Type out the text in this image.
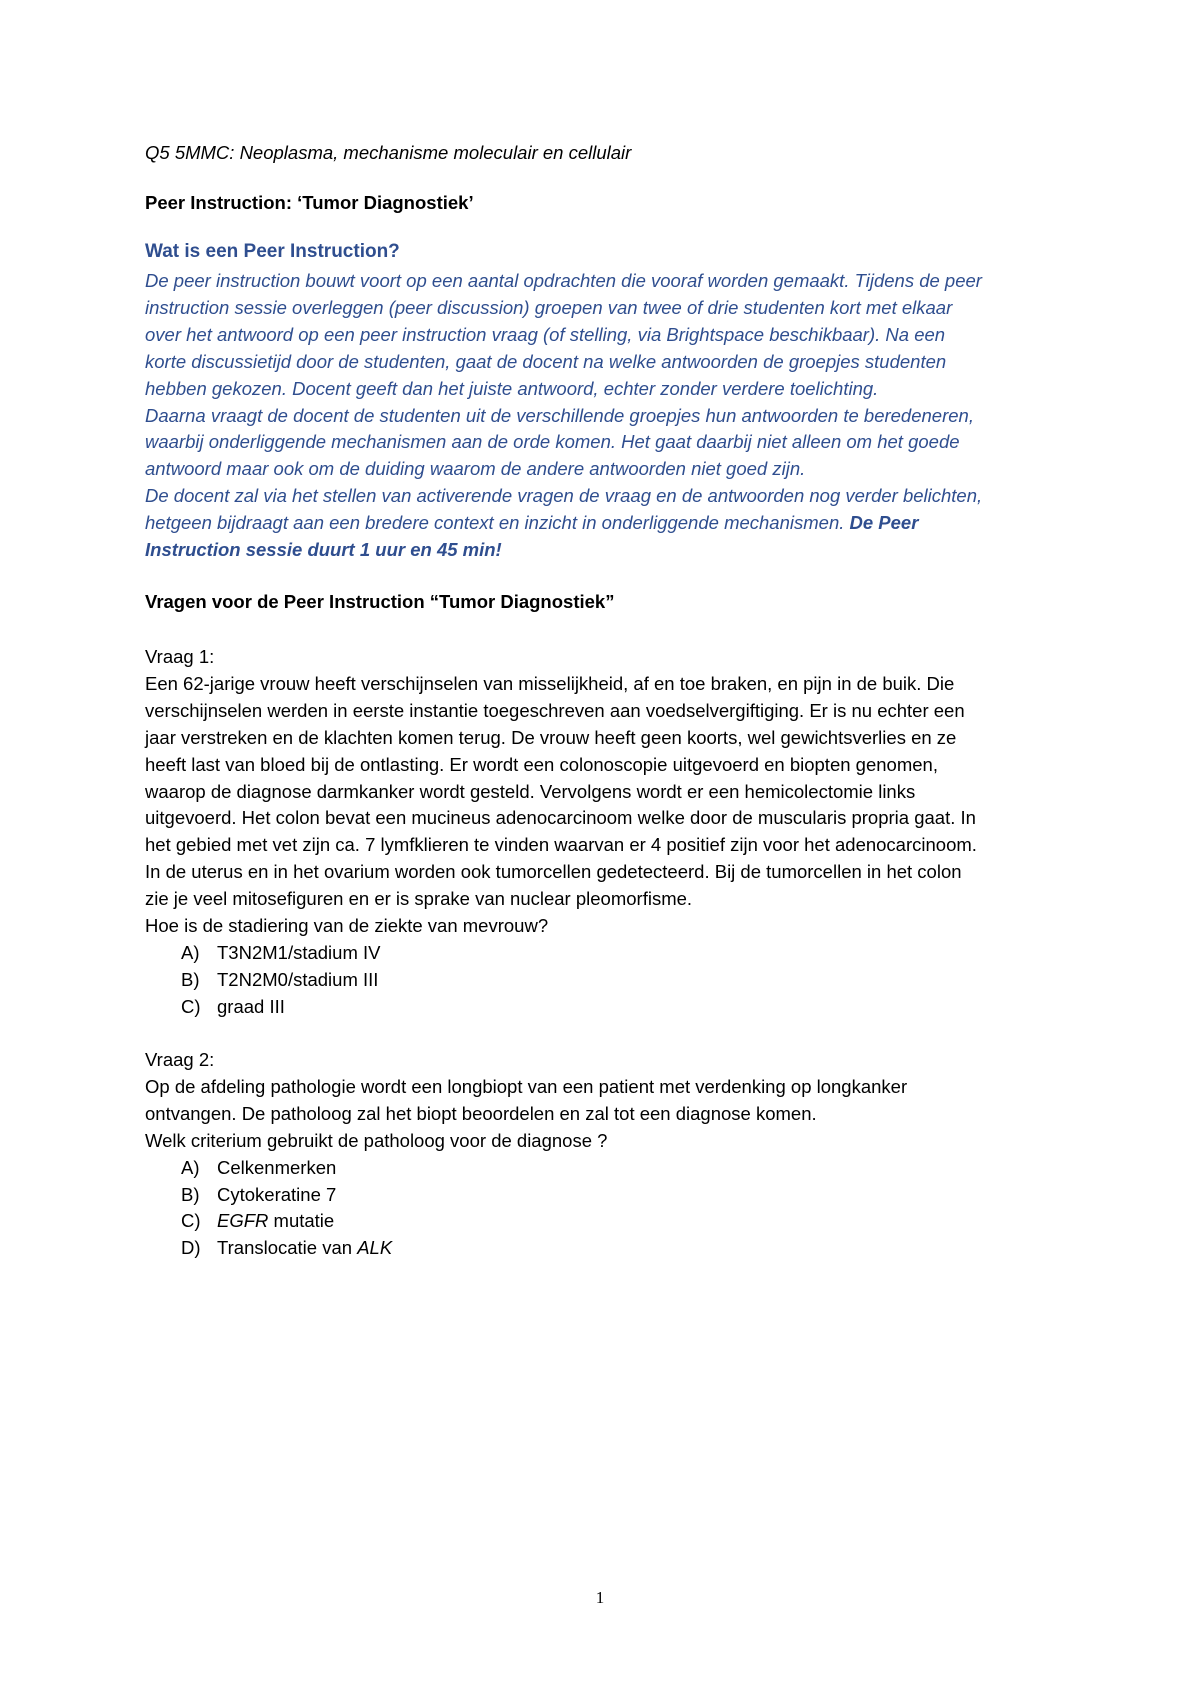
Q5 5MMC: Neoplasma, mechanisme moleculair en cellulair
Peer Instruction: ‘Tumor Diagnostiek’
Wat is een Peer Instruction?
De peer instruction bouwt voort op een aantal opdrachten die vooraf worden gemaakt. Tijdens de peer
instruction sessie overleggen (peer discussion) groepen van twee of drie studenten kort met elkaar
over het antwoord op een peer instruction vraag (of stelling, via Brightspace beschikbaar). Na een
korte discussietijd door de studenten, gaat de docent na welke antwoorden de groepjes studenten
hebben gekozen. Docent geeft dan het juiste antwoord, echter zonder verdere toelichting.
Daarna vraagt de docent de studenten uit de verschillende groepjes hun antwoorden te beredeneren,
waarbij onderliggende mechanismen aan de orde komen. Het gaat daarbij niet alleen om het goede
antwoord maar ook om de duiding waarom de andere antwoorden niet goed zijn.
De docent zal via het stellen van activerende vragen de vraag en de antwoorden nog verder belichten,
hetgeen bijdraagt aan een bredere context en inzicht in onderliggende mechanismen. De Peer
Instruction sessie duurt 1 uur en 45 min!
Vragen voor de Peer Instruction “Tumor Diagnostiek”
Vraag 1:
Een 62-jarige vrouw heeft verschijnselen van misselijkheid, af en toe braken, en pijn in de buik. Die
verschijnselen werden in eerste instantie toegeschreven aan voedselvergiftiging. Er is nu echter een
jaar verstreken en de klachten komen terug. De vrouw heeft geen koorts, wel gewichtsverlies en ze
heeft last van bloed bij de ontlasting. Er wordt een colonoscopie uitgevoerd en biopten genomen,
waarop de diagnose darmkanker wordt gesteld. Vervolgens wordt er een hemicolectomie links
uitgevoerd. Het colon bevat een mucineus adenocarcinoom welke door de muscularis propria gaat. In
het gebied met vet zijn ca. 7 lymfklieren te vinden waarvan er 4 positief zijn voor het adenocarcinoom.
In de uterus en in het ovarium worden ook tumorcellen gedetecteerd. Bij de tumorcellen in het colon
zie je veel mitosefiguren en er is sprake van nuclear pleomorfisme.
Hoe is de stadiering van de ziekte van mevrouw?
A) T3N2M1/stadium IV
B) T2N2M0/stadium III
C) graad III
Vraag 2:
Op de afdeling pathologie wordt een longbiopt van een patient met verdenking op longkanker
ontvangen. De patholoog zal het biopt beoordelen en zal tot een diagnose komen.
Welk criterium gebruikt de patholoog voor de diagnose ?
A) Celkenmerken
B) Cytokeratine 7
C) EGFR mutatie
D) Translocatie van ALK
1
